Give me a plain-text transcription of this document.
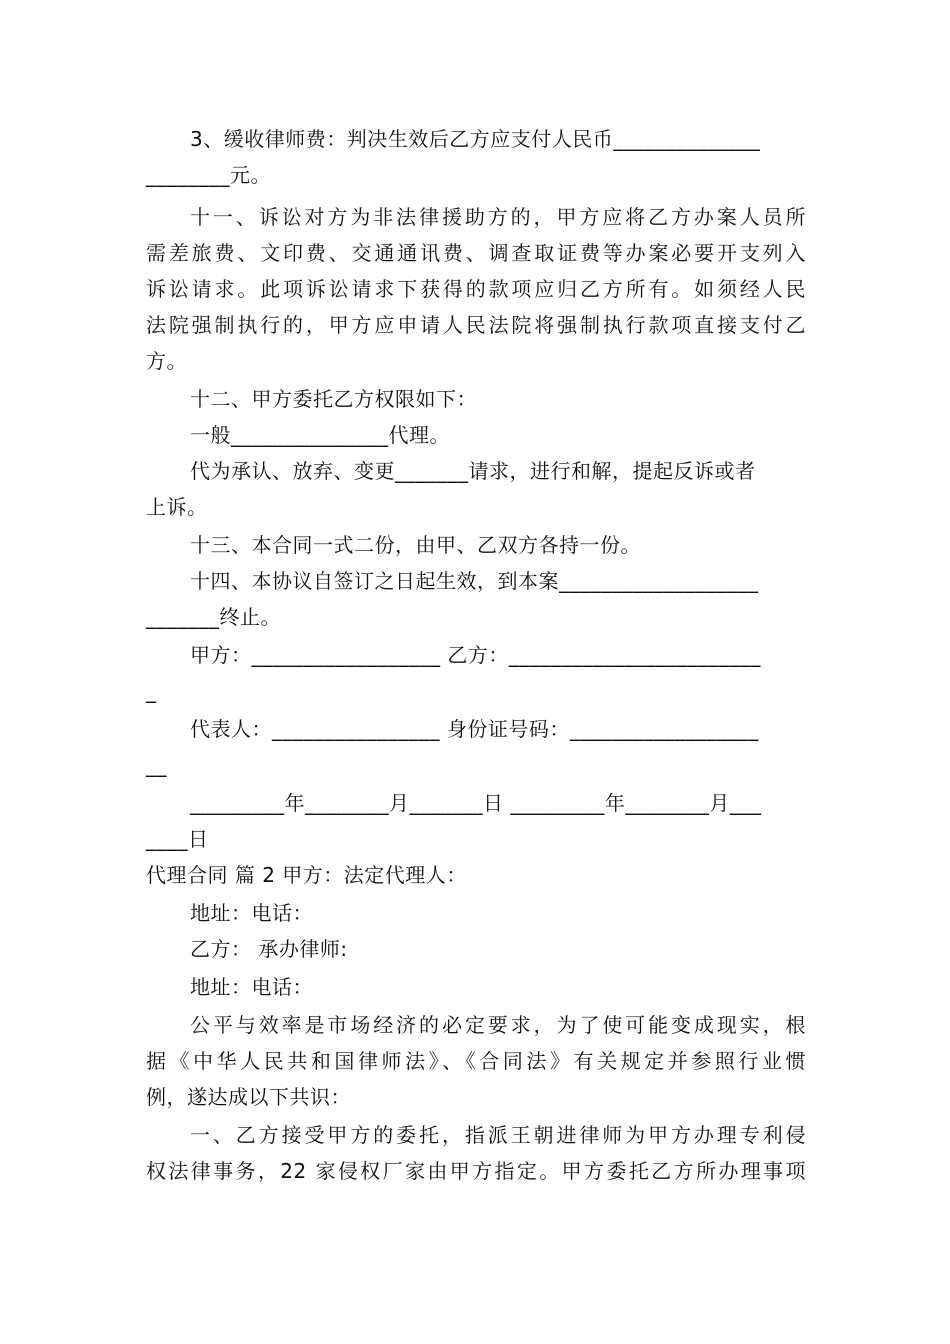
3、缓收律师费：判决生效后乙方应支付人民币______________
________元。
十一、诉讼对方为非法律援助方的，甲方应将乙方办案人员所
需差旅费、文印费、交通通讯费、调查取证费等办案必要开支列入
诉讼请求。此项诉讼请求下获得的款项应归乙方所有。如须经人民
法院强制执行的，甲方应申请人民法院将强制执行款项直接支付乙
方。
十二、甲方委托乙方权限如下：
一般_______________代理。
代为承认、放弃、变更_______请求，进行和解，提起反诉或者
上诉。
十三、本合同一式二份，由甲、乙双方各持一份。
十四、本协议自签订之日起生效，到本案___________________
_______终止。
甲方：__________________ 乙方：________________________
_
代表人：________________ 身份证号码：__________________
__
_________年________月_______日 _________年________月___
____日
代理合同 篇 2 甲方：法定代理人：
地址：电话：
乙方： 承办律师:
地址：电话：
公平与效率是市场经济的必定要求，为了使可能变成现实，根
据《中华人民共和国律师法》、《合同法》有关规定并参照行业惯
例，遂达成以下共识：
一、乙方接受甲方的委托，指派王朝进律师为甲方办理专利侵
权法律事务，22 家侵权厂家由甲方指定。甲方委托乙方所办理事项
